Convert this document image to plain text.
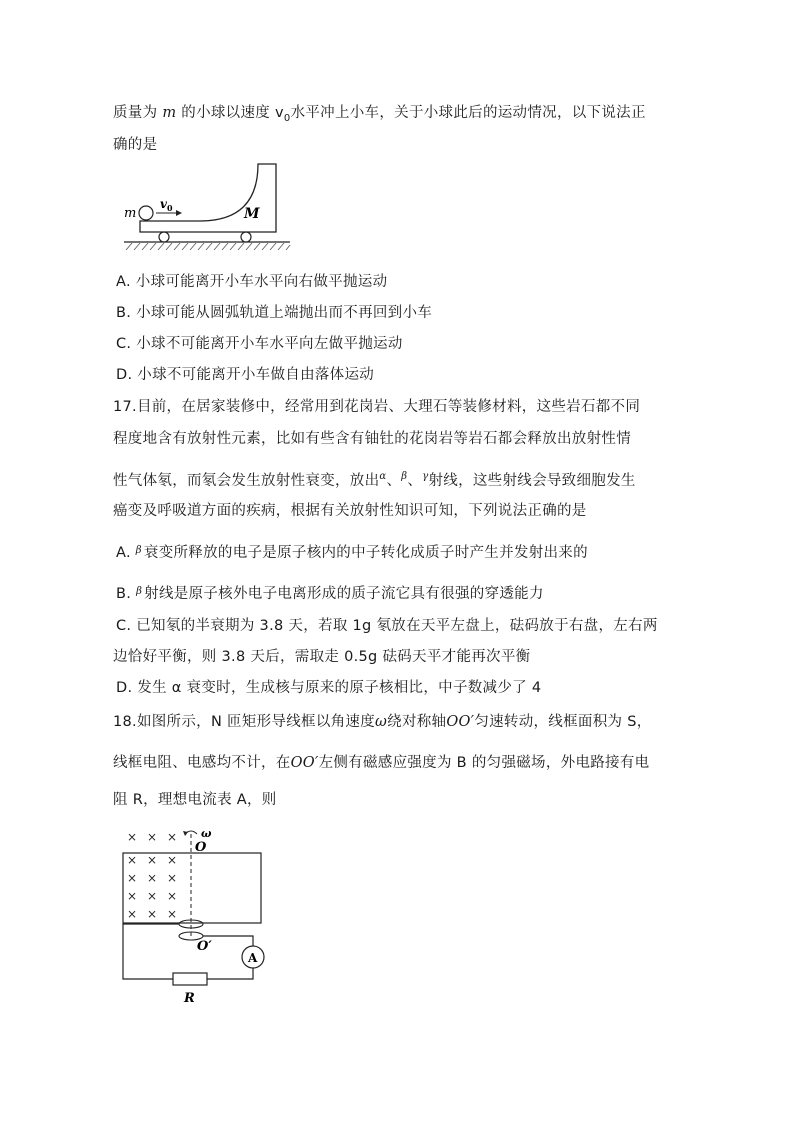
质量为 m 的小球以速度 $v_0$水平冲上小车，关于小球此后的运动情况，以下说法正
确的是
m
v 0	M
A. 小球可能离开小车水平向右做平抛运动
B. 小球可能从圆弧轨道上端抛出而不再回到小车
C. 小球不可能离开小车水平向左做平抛运动
D. 小球不可能离开小车做自由落体运动
17.目前，在居家装修中，经常用到花岗岩、大理石等装修材料，这些岩石都不同
程度地含有放射性元素，比如有些含有铀钍的花岗岩等岩石都会释放出放射性情
性气体氡，而氡会发生放射性衰变，放出$^\alpha$、$^\beta$、$^\gamma$射线，这些射线会导致细胞发生
癌变及呼吸道方面的疾病，根据有关放射性知识可知，下列说法正确的是
A. $^\beta$ 衰变所释放的电子是原子核内的中子转化成质子时产生并发射出来的
B. $^\beta$ 射线是原子核外电子电离形成的质子流它具有很强的穿透能力
C. 已知氡的半衰期为 3.8 天，若取 1g 氡放在天平左盘上，砝码放于右盘，左右两
边恰好平衡，则 3.8 天后，需取走 0.5g 砝码天平才能再次平衡
D. 发生 α 衰变时，生成核与原来的原子核相比，中子数减少了 4
18.如图所示，N 匝矩形导线框以角速度ω绕对称轴OO′匀速转动，线框面积为 S，
线框电阻、电感均不计，在OO′左侧有磁感应强度为 B 的匀强磁场，外电路接有电
阻 R，理想电流表 A，则
× × ×
× × ×
× × ×
× × ×
× × ×
ω
O
O′
A
R
